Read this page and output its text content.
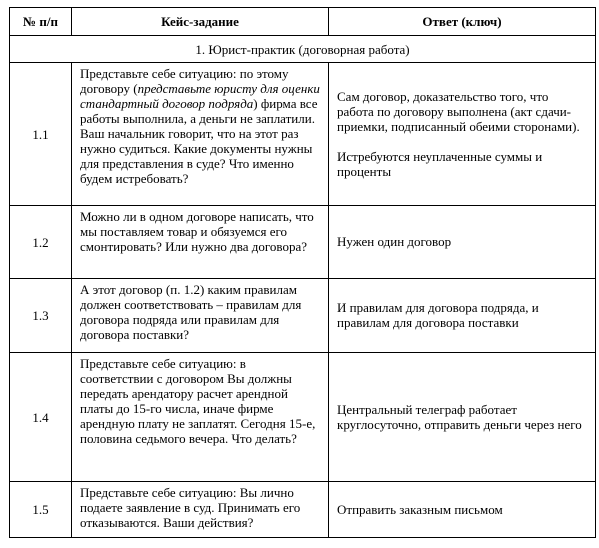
№ п/п	Кейс-задание	Ответ (ключ)
1. Юрист-практик (договорная работа)		
1.1	Представьте себе ситуацию: по этому договору (представьте юристу для оценки стандартный договор подряда) фирма все работы выполнила, а деньги не заплатили. Ваш начальник говорит, что на этот раз нужно судиться. Какие документы нужны для представления в суде? Что именно будем истребовать?	Сам договор, доказательство того, что работа по договору выполнена (акт сдачи-приемки, подписанный обеими сторонами).

Истребуются неуплаченные суммы и проценты

1.2	Можно ли в одном договоре написать, что мы поставляем товар и обязуемся его смонтировать? Или нужно два договора?	Нужен один договор
1.3	А этот договор (п. 1.2) каким правилам должен соответствовать – правилам для договора подряда или правилам для договора поставки?	И правилам для договора подряда, и правилам для договора поставки
1.4	Представьте себе ситуацию: в соответствии с договором Вы должны передать арендатору расчет арендной платы до 15-го числа, иначе фирме арендную плату не заплатят. Сегодня 15-е, половина седьмого вечера. Что делать?	Центральный телеграф работает круглосуточно, отправить деньги через него
1.5	Представьте себе ситуацию: Вы лично подаете заявление в суд. Принимать его отказываются. Ваши действия?	Отправить заказным письмом
